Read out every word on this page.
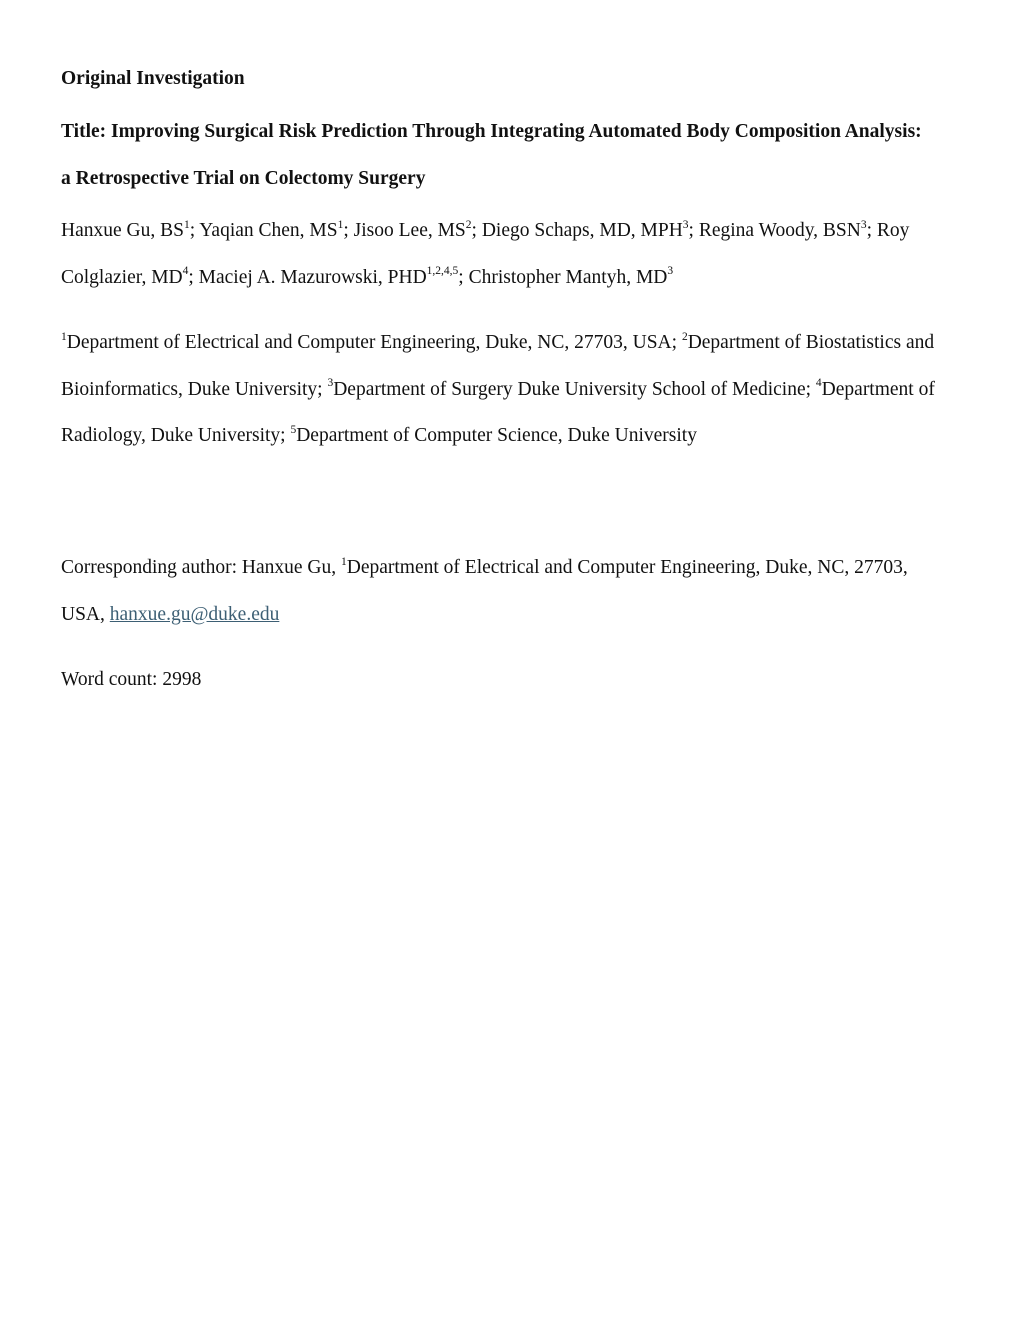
Original Investigation
Title: Improving Surgical Risk Prediction Through Integrating Automated Body Composition Analysis:
a Retrospective Trial on Colectomy Surgery
Hanxue Gu, $BS^1$; Yaqian Chen, $MS^1$; Jisoo Lee, $MS^2$; Diego Schaps, MD, MPH$^3$; Regina Woody, BSN$^3$; Roy
Colglazier, $MD^4$; Maciej A. Mazurowski, PHD$^{1,2,4,5}$; Christopher Mantyh, $MD^3$
$^1$Department of Electrical and Computer Engineering, Duke, NC, 27703, USA; $^2$Department of Biostatistics and
Bioinformatics, Duke University; $^3$Department of Surgery Duke University School of Medicine; $^4$Department of
Radiology, Duke University; $^5$Department of Computer Science, Duke University
Corresponding author: Hanxue Gu, $^1$Department of Electrical and Computer Engineering, Duke, NC, 27703,
USA, hanxue.gu@duke.edu
Word count: 2998
